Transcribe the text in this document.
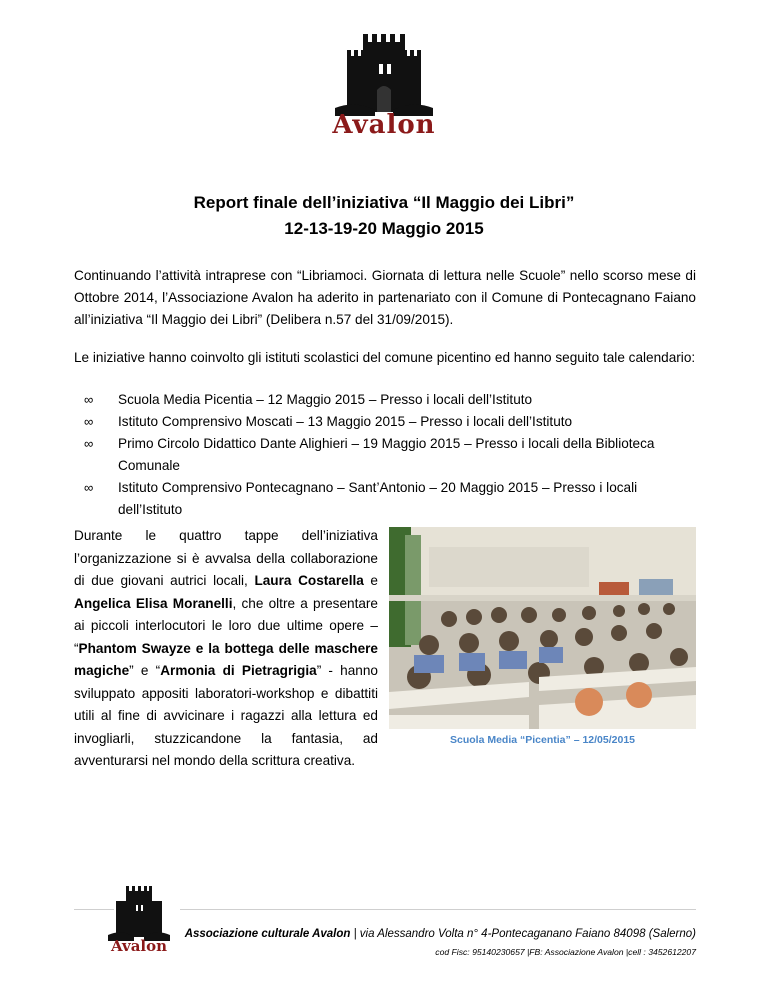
Avalon
Report finale dell’iniziativa “Il Maggio dei Libri”
12-13-19-20 Maggio 2015
Continuando l’attività intraprese con “Libriamoci. Giornata di lettura nelle Scuole” nello scorso mese di Ottobre 2014, l’Associazione Avalon ha aderito in partenariato con il Comune di Pontecagnano Faiano all’iniziativa “Il Maggio dei Libri” (Delibera n.57 del 31/09/2015).
Le iniziative hanno coinvolto gli istituti scolastici del comune picentino ed hanno seguito tale calendario:
∞ Scuola Media Picentia – 12 Maggio 2015 – Presso i locali dell’Istituto
∞ Istituto Comprensivo Moscati – 13 Maggio 2015 – Presso i locali dell’Istituto
∞ Primo Circolo Didattico Dante Alighieri – 19 Maggio 2015 – Presso i locali della Biblioteca Comunale
∞ Istituto Comprensivo Pontecagnano – Sant’Antonio – 20 Maggio 2015 – Presso i locali dell’Istituto
Durante le quattro tappe dell’iniziativa l’organizzazione si è avvalsa della collaborazione di due giovani autrici locali, Laura Costarella e Angelica Elisa Moranelli, che oltre a presentare ai piccoli interlocutori le loro due ultime opere – “Phantom Swayze e la bottega delle maschere magiche” e “Armonia di Pietragrigia” - hanno sviluppato appositi laboratori-workshop e dibattiti utili al fine di avvicinare i ragazzi alla lettura ed invogliarli, stuzzicandone la fantasia, ad avventurarsi nel mondo della scrittura creativa.
Scuola Media “Picentia” – 12/05/2015
Avalon
Associazione culturale Avalon | via Alessandro Volta n° 4-Pontecaganano Faiano 84098 (Salerno)
cod Fisc: 95140230657 |FB: Associazione Avalon |cell : 3452612207
